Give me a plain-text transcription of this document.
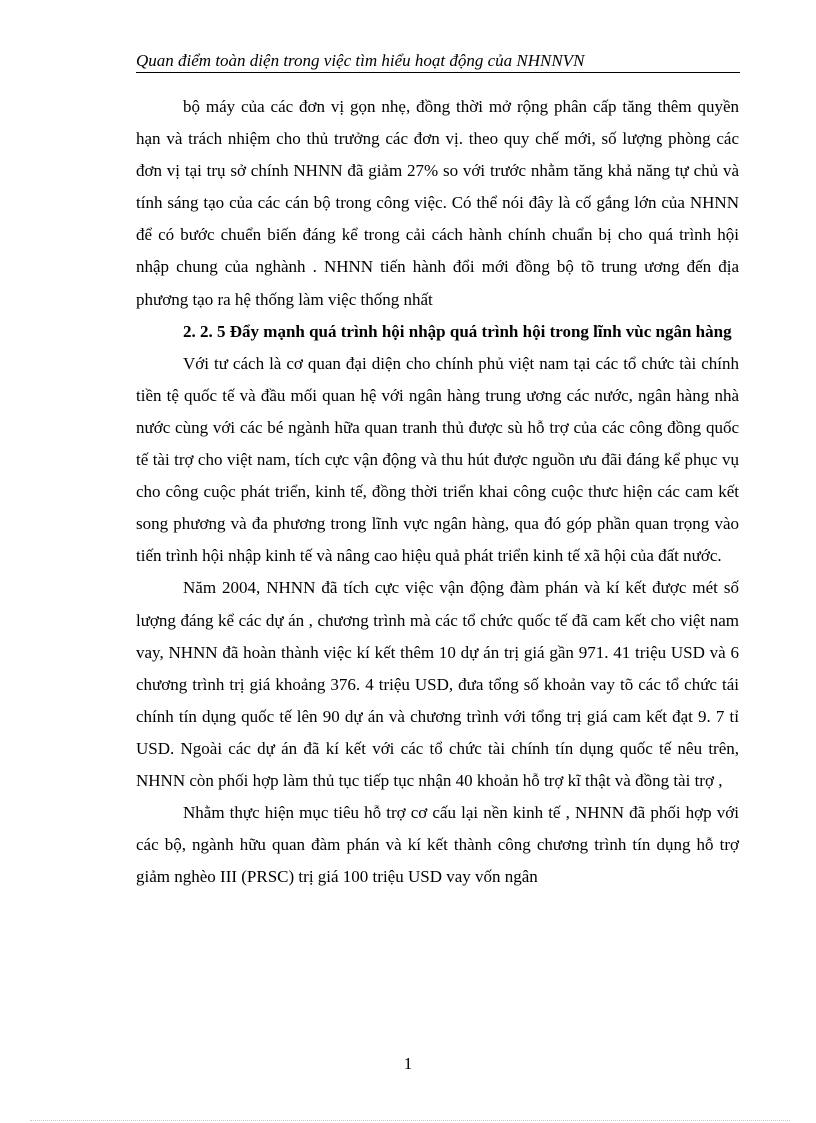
Quan điểm toàn diện trong việc tìm hiểu hoạt động của NHNNVN

bộ máy của các đơn vị gọn nhẹ, đồng thời mở rộng phân cấp tăng thêm quyền hạn và trách nhiệm cho thủ trưởng các đơn vị. theo quy chế mới, số lượng phòng các đơn vị tại trụ sở chính NHNN đã giảm 27% so với trước nhằm tăng khả năng tự chủ và tính sáng tạo của các cán bộ trong công việc. Có thể nói đây là cố gắng lớn của NHNN để có bước chuển biến đáng kể trong cải cách hành chính chuẩn bị cho quá trình hội nhập chung của nghành . NHNN tiến hành đổi mới đồng bộ tõ trung ương đến địa phương tạo ra hệ thống làm việc thống nhất

2. 2. 5 Đẩy mạnh quá trình hội nhập quá trình hội trong lĩnh vùc ngân hàng

Với tư cách là cơ quan đại diện cho chính phủ việt nam tại các tổ chức tài chính tiền tệ quốc tế và đầu mối quan hệ với ngân hàng trung ương các nước, ngân hàng nhà nước cùng với các bé ngành hữa quan tranh thủ được sù hỗ trợ của các công đồng quốc tế tài trợ cho việt nam, tích cực vận động và thu hút được nguồn ưu đãi đáng kể phục vụ cho công cuộc phát triển, kinh tế, đồng thời triển khai công cuộc thưc hiện các cam kết song phương và đa phương trong lĩnh vực ngân hàng, qua đó góp phần quan trọng vào tiến trình hội nhập kinh tế và nâng cao hiệu quả phát triển kinh tế xã hội của đất nước.

Năm 2004, NHNN đã tích cực việc vận động đàm phán và kí kết được mét số lượng đáng kể các dự án , chương trình mà các tổ chức quốc tế đã cam kết cho việt nam vay, NHNN đã hoàn thành việc kí kết thêm 10 dự án trị giá gần 971. 41 triệu USD và 6 chương trình trị giá khoảng 376. 4 triệu USD, đưa tổng số khoản vay tõ các tổ chức tái chính tín dụng quốc tế lên 90 dự án và chương trình với tổng trị giá cam kết đạt 9. 7 tỉ USD. Ngoài các dự án đã kí kết với các tổ chức tài chính tín dụng quốc tế nêu trên, NHNN còn phối hợp làm thủ tục tiếp tục nhận 40 khoản hỗ trợ kĩ thật và đồng tài trợ ,

Nhằm thực hiện mục tiêu hỗ trợ cơ cấu lại nền kinh tế , NHNN đã phối hợp với các bộ, ngành hữu quan đàm phán và kí kết thành công chương trình tín dụng hỗ trợ giảm nghèo III (PRSC) trị giá 100 triệu USD vay vốn ngân

1
